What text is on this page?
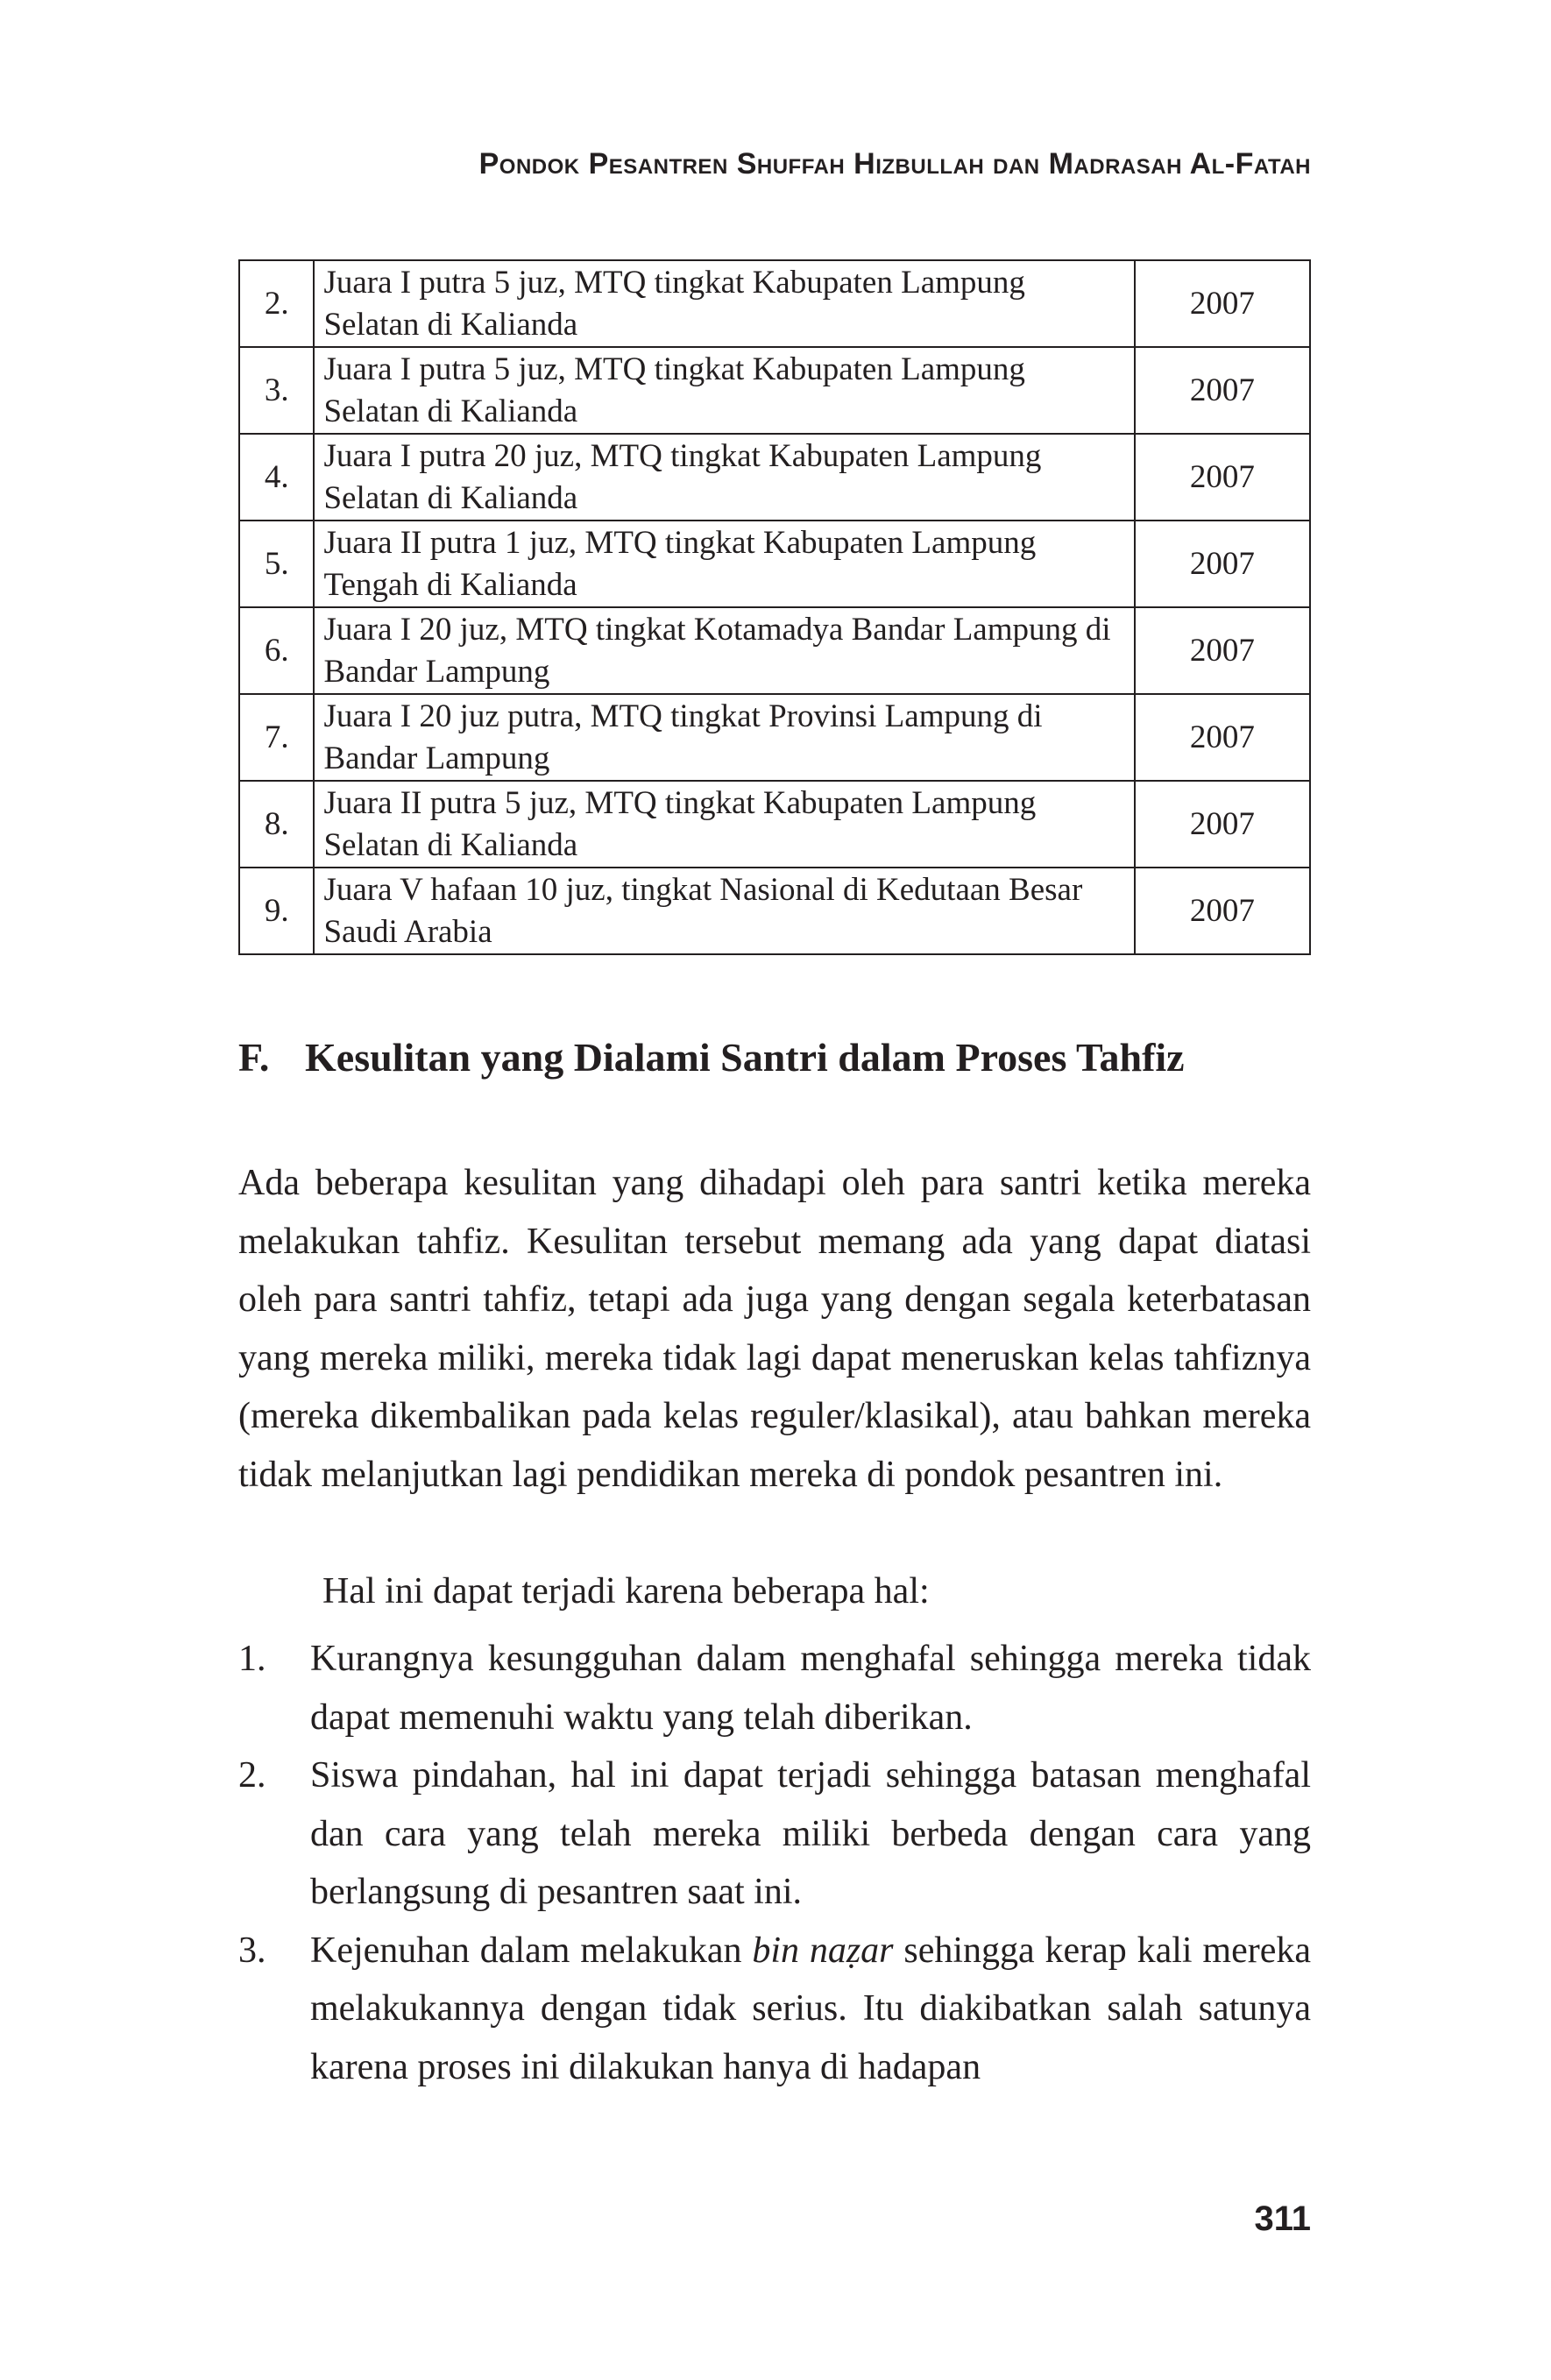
Pondok Pesantren Shuffah Hizbullah dan Madrasah Al-Fatah
2.	Juara I putra 5 juz, MTQ tingkat Kabupaten Lampung Selatan di Kalianda	2007
3.	Juara I putra 5 juz, MTQ tingkat Kabupaten Lampung Selatan di Kalianda	2007
4.	Juara I putra 20 juz, MTQ tingkat Kabupaten Lampung Selatan di Kalianda	2007
5.	Juara II putra 1 juz, MTQ tingkat Kabupaten Lampung Tengah di Kalianda	2007
6.	Juara I 20 juz, MTQ tingkat Kotamadya Bandar Lampung di Bandar Lampung	2007
7.	Juara I 20 juz putra, MTQ tingkat Provinsi Lampung di Bandar Lampung	2007
8.	Juara II putra 5 juz, MTQ tingkat Kabupaten Lampung Selatan di Kalianda	2007
9.	Juara V hafaan 10 juz, tingkat Nasional di Kedutaan Besar Saudi Arabia	2007
F. Kesulitan yang Dialami Santri dalam Proses Tahfiz

Ada beberapa kesulitan yang dihadapi oleh para santri ketika mereka melakukan tahfiz. Kesulitan tersebut memang ada yang dapat diatasi oleh para santri tahfiz, tetapi ada juga yang dengan segala keterbatasan yang mereka miliki, mereka tidak lagi dapat meneruskan kelas tahfiznya (mereka dikembalikan pada kelas reguler/klasikal), atau bahkan mereka tidak melanjutkan lagi pendidikan mereka di pondok pesantren ini.

Hal ini dapat terjadi karena beberapa hal:

1. Kurangnya kesungguhan dalam menghafal sehingga mereka tidak dapat memenuhi waktu yang telah diberikan.
2. Siswa pindahan, hal ini dapat terjadi sehingga batasan menghafal dan cara yang telah mereka miliki berbeda dengan cara yang berlangsung di pesantren saat ini.
3. Kejenuhan dalam melakukan bin naẓar sehingga kerap kali mereka melakukannya dengan tidak serius. Itu diakibatkan salah satunya karena proses ini dilakukan hanya di hadapan
311
